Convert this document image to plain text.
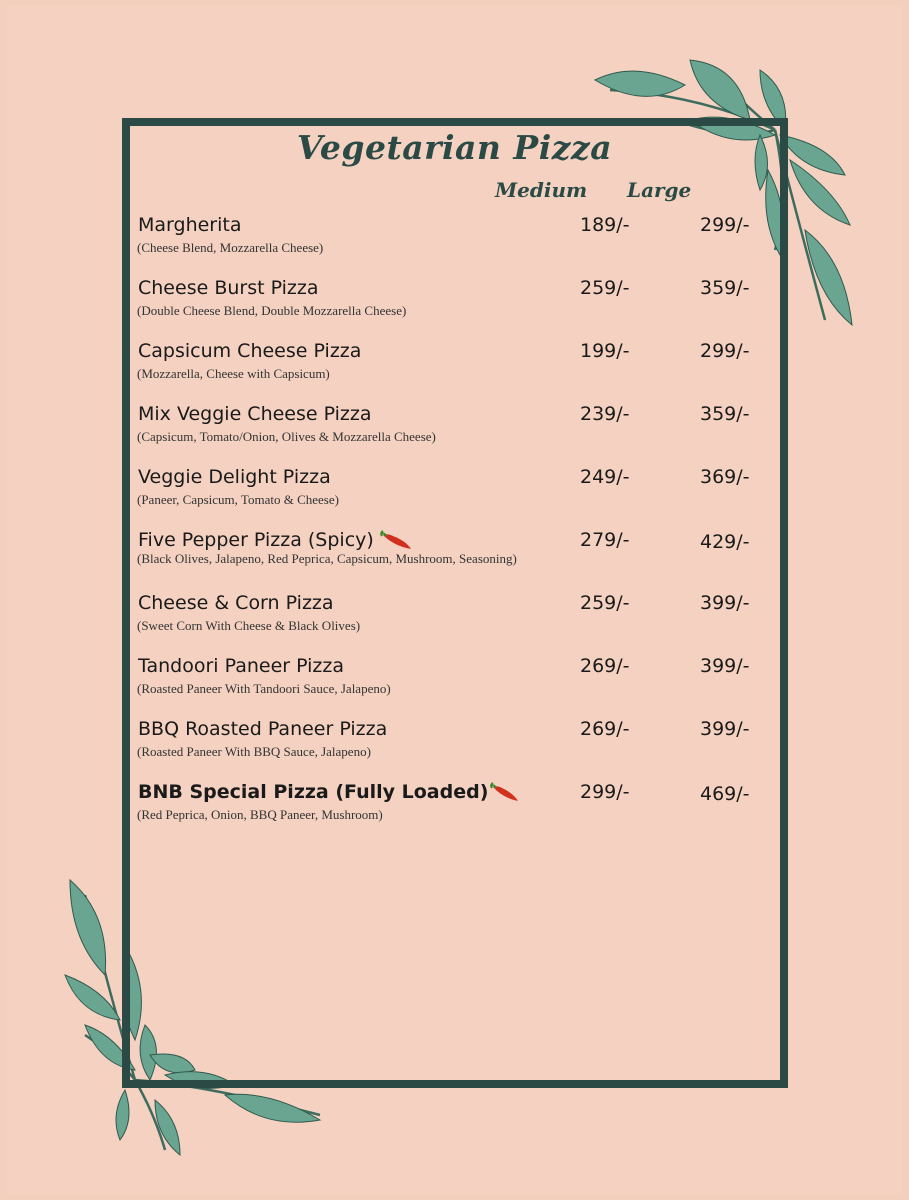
Vegetarian Pizza
Medium Large
Margherita
(Cheese Blend, Mozzarella Cheese)
189/-	299/-
Cheese Burst Pizza
(Double Cheese Blend, Double Mozzarella Cheese)
259/-	359/-
Capsicum Cheese Pizza
(Mozzarella, Cheese with Capsicum)
199/-	299/-
Mix Veggie Cheese Pizza
(Capsicum, Tomato/Onion, Olives & Mozzarella Cheese)
239/-	359/-
Veggie Delight Pizza
(Paneer, Capsicum, Tomato & Cheese)
249/-	369/-
Five Pepper Pizza (Spicy)
(Black Olives, Jalapeno, Red Peprica, Capsicum, Mushroom, Seasoning)
279/-	429/-
Cheese & Corn Pizza
(Sweet Corn With Cheese & Black Olives)
259/-	399/-
Tandoori Paneer Pizza
(Roasted Paneer With Tandoori Sauce, Jalapeno)
269/-	399/-
BBQ Roasted Paneer Pizza
(Roasted Paneer With BBQ Sauce, Jalapeno)
269/-	399/-
BNB Special Pizza (Fully Loaded)
(Red Peprica, Onion, BBQ Paneer, Mushroom)
299/-	469/-
